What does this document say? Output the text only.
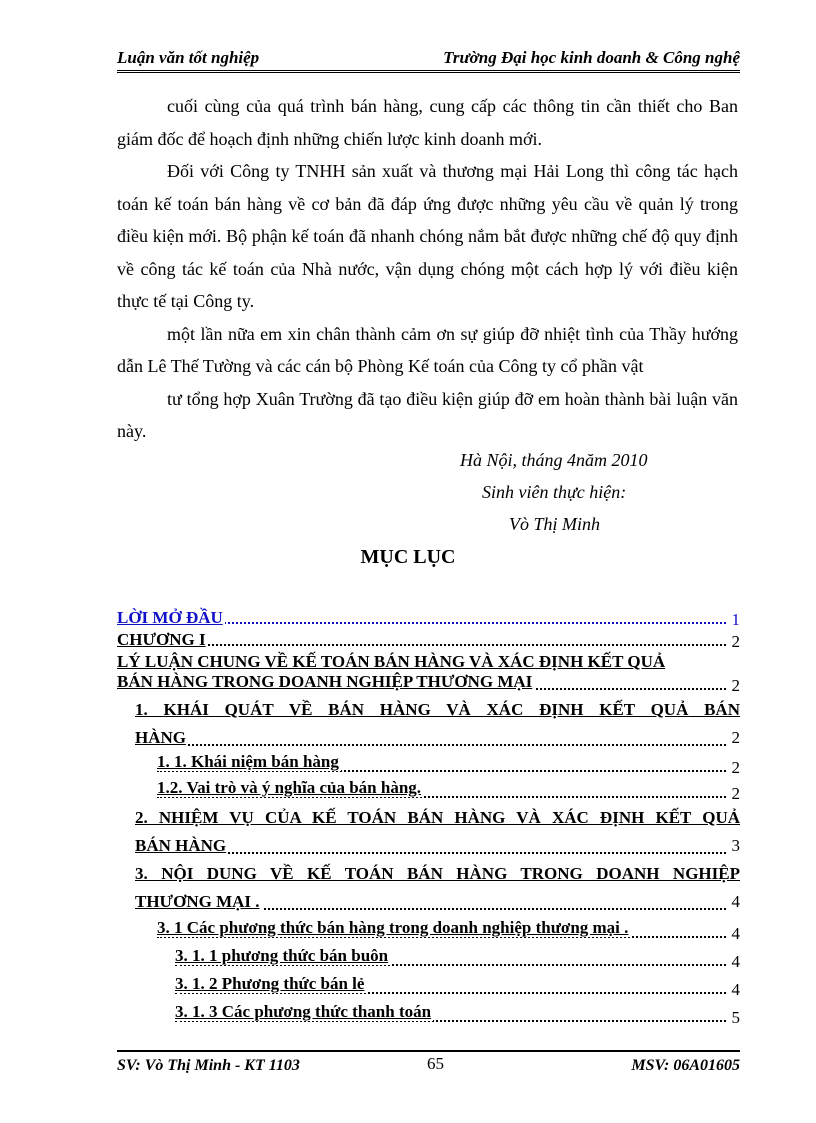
Luận văn tốt nghiệp	Trường Đại học kinh doanh & Công nghệ

cuối cùng của quá trình bán hàng, cung cấp các thông tin cần thiết cho Ban giám đốc để hoạch định những chiến lược kinh doanh mới.

Đối với Công ty TNHH sản xuất và thương mại Hải Long thì công tác hạch toán kế toán bán hàng về cơ bản đã đáp ứng được những yêu cầu về quản lý trong điều kiện mới. Bộ phận kế toán đã nhanh chóng nắm bắt được những chế độ quy định về công tác kế toán của Nhà nước, vận dụng chóng một cách hợp lý với điều kiện thực tế tại Công ty.

một lần nữa em xin chân thành cảm ơn sự giúp đỡ nhiệt tình của Thầy hướng dẫn Lê Thế Tường và các cán bộ Phòng Kế toán của Công ty cổ phần vật

tư tổng hợp Xuân Trường đã tạo điều kiện giúp đỡ em hoàn thành bài luận văn này.

Hà Nội, tháng 4năm 2010
Sinh viên thực hiện:
Vò Thị Minh
MỤC LỤC
LỜI MỞ ĐẦU	1
CHƯƠNG I	2
LÝ LUẬN CHUNG VỀ KẾ TOÁN BÁN HÀNG VÀ XÁC ĐỊNH KẾT QUẢ
BÁN HÀNG TRONG DOANH NGHIỆP THƯƠNG MẠI	2
1. KHÁI QUÁT VỀ BÁN HÀNG VÀ XÁC ĐỊNH KẾT QUẢ BÁN
HÀNG	2
1. 1. Khái niệm bán hàng	2
1.2. Vai trò và ý nghĩa của bán hàng.	2
2. NHIỆM VỤ CỦA KẾ TOÁN BÁN HÀNG VÀ XÁC ĐỊNH KẾT QUẢ
BÁN HÀNG	3
3. NỘI DUNG VỀ KẾ TOÁN BÁN HÀNG TRONG DOANH NGHIỆP
THƯƠNG MẠI .	4
3. 1 Các phương thức bán hàng trong doanh nghiệp thương mại .	4
3. 1. 1 phương thức bán buôn	4
3. 1. 2 Phương thức bán lẻ	4
3. 1. 3 Các phương thức thanh toán	5
SV: Vò Thị Minh - KT 1103	65	MSV: 06A01605
